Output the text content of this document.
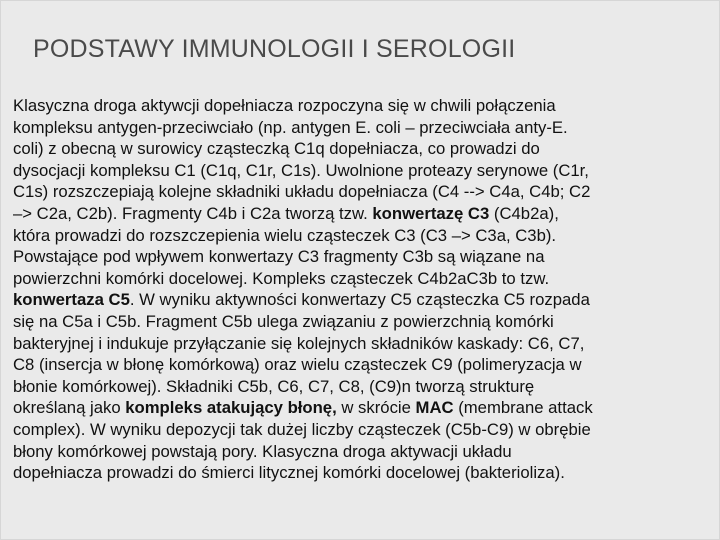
PODSTAWY IMMUNOLOGII I SEROLOGII
Klasyczna droga aktywcji dopełniacza rozpoczyna się w chwili połączenia
kompleksu antygen-przeciwciało (np. antygen E. coli – przeciwciała anty-E.
coli) z obecną w surowicy cząsteczką C1q dopełniacza, co prowadzi do
dysocjacji kompleksu C1 (C1q, C1r, C1s). Uwolnione proteazy serynowe (C1r,
C1s) rozszczepiają kolejne składniki układu dopełniacza (C4 --> C4a, C4b; C2
–> C2a, C2b). Fragmenty C4b i C2a tworzą tzw. konwertazę C3 (C4b2a),
która prowadzi do rozszczepienia wielu cząsteczek C3 (C3 –> C3a, C3b).
Powstające pod wpływem konwertazy C3 fragmenty C3b są wiązane na
powierzchni komórki docelowej. Kompleks cząsteczek C4b2aC3b to tzw.
konwertaza C5. W wyniku aktywności konwertazy C5 cząsteczka C5 rozpada
się na C5a i C5b. Fragment C5b ulega związaniu z powierzchnią komórki
bakteryjnej i indukuje przyłączanie się kolejnych składników kaskady: C6, C7,
C8 (insercja w błonę komórkową) oraz wielu cząsteczek C9 (polimeryzacja w
błonie komórkowej). Składniki C5b, C6, C7, C8, (C9)n tworzą strukturę
określaną jako kompleks atakujący błonę, w skrócie MAC (membrane attack
complex). W wyniku depozycji tak dużej liczby cząsteczek (C5b-C9) w obrębie
błony komórkowej powstają pory. Klasyczna droga aktywacji układu
dopełniacza prowadzi do śmierci litycznej komórki docelowej (bakterioliza).
